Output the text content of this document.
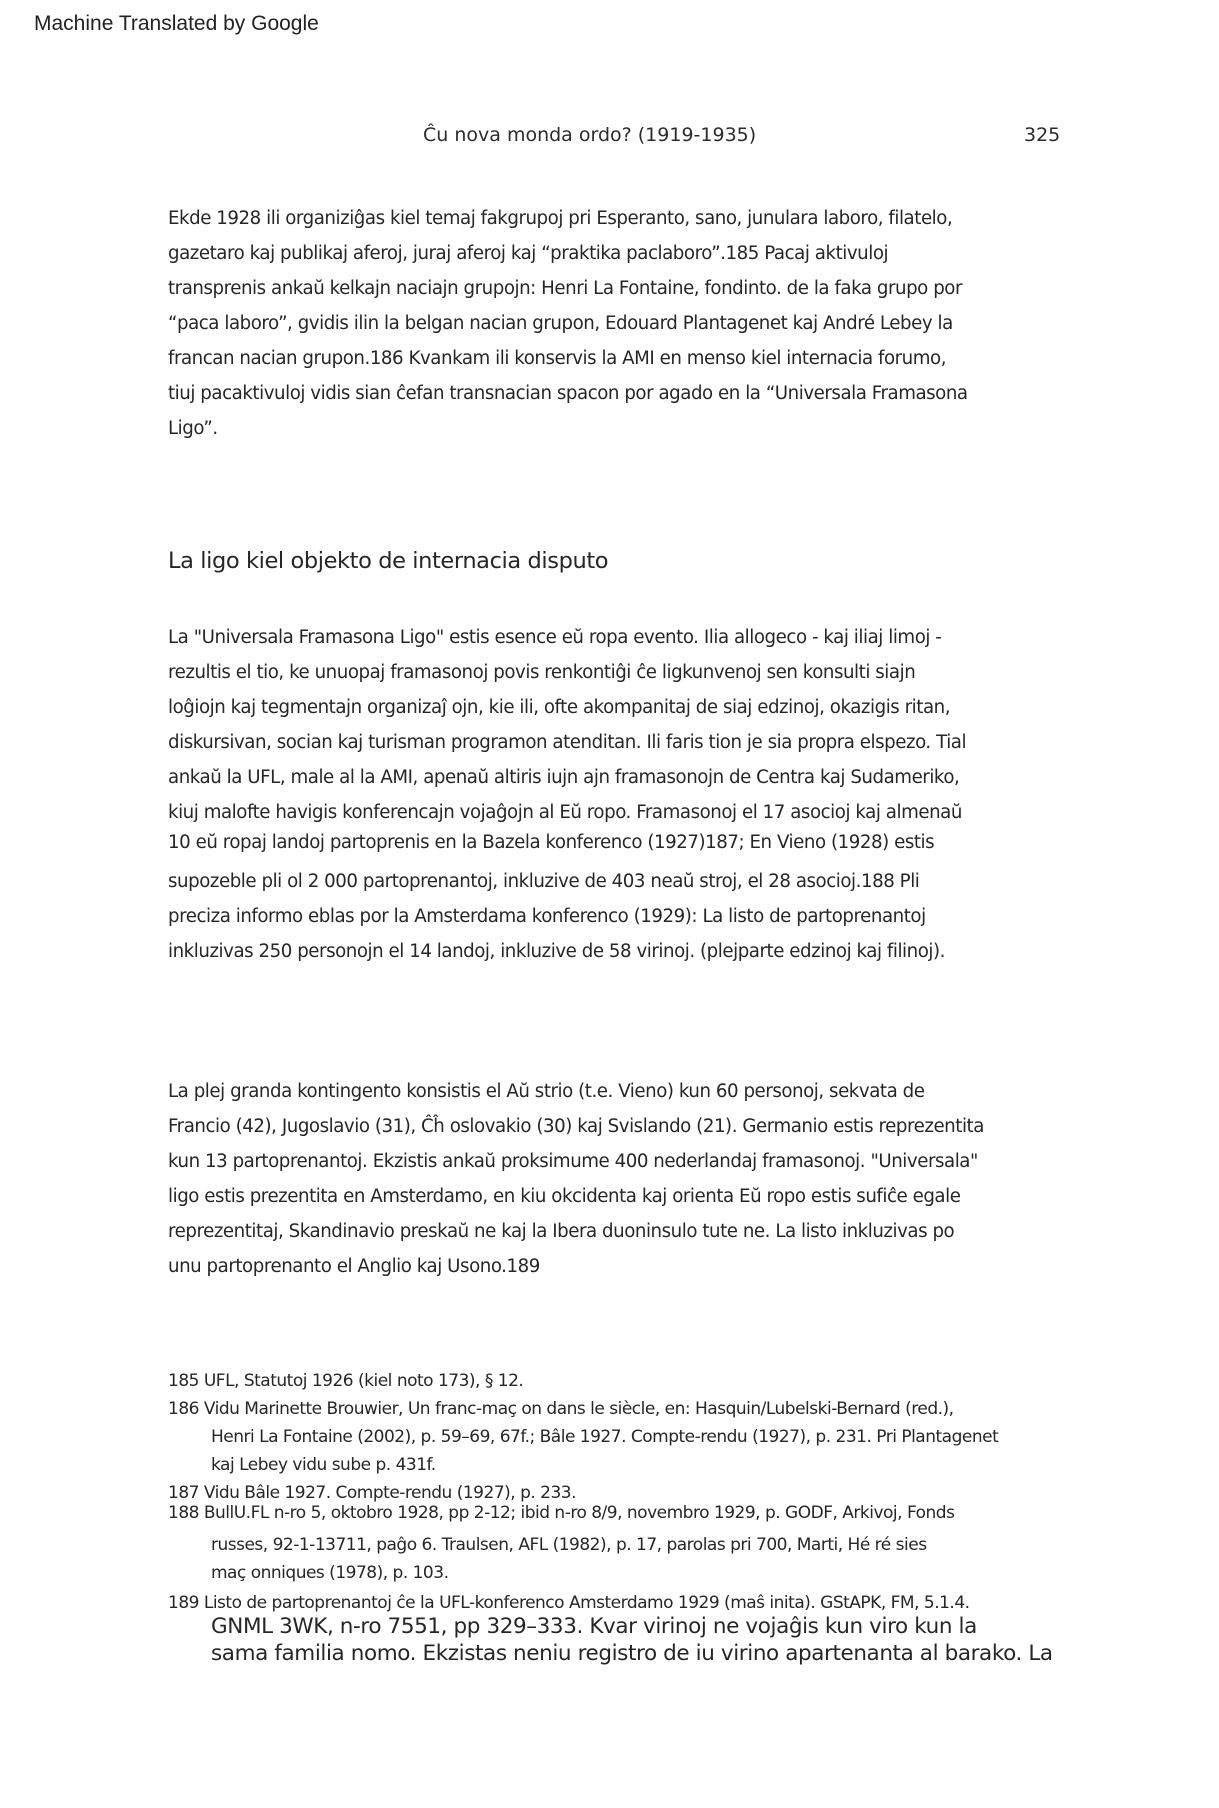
Machine Translated by Google
Ĉu nova monda ordo? (1919-1935)	325
Ekde 1928 ili organiziĝas kiel temaj fakgrupoj pri Esperanto, sano, junulara laboro, filatelo,
gazetaro kaj publikaj aferoj, juraj aferoj kaj “praktika paclaboro”.185 Pacaj aktivuloj
transprenis ankaŭ kelkajn naciajn grupojn: Henri La Fontaine, fondinto. de la faka grupo por
“paca laboro”, gvidis ilin la belgan nacian grupon, Edouard Plantagenet kaj André Lebey la
francan nacian grupon.186 Kvankam ili konservis la AMI en menso kiel internacia forumo,
tiuj pacaktivuloj vidis sian ĉefan transnacian spacon por agado en la “Universala Framasona
Ligo”.
La ligo kiel objekto de internacia disputo
La "Universala Framasona Ligo" estis esence eŭ ropa evento. Ilia allogeco - kaj iliaj limoj -
rezultis el tio, ke unuopaj framasonoj povis renkontiĝi ĉe ligkunvenoj sen konsulti siajn
loĝiojn kaj tegmentajn organizaĵ ojn, kie ili, ofte akompanitaj de siaj edzinoj, okazigis ritan,
diskursivan, socian kaj turisman programon atenditan. Ili faris tion je sia propra elspezo. Tial
ankaŭ la UFL, male al la AMI, apenaŭ altiris iujn ajn framasonojn de Centra kaj Sudameriko,
kiuj malofte havigis konferencajn vojaĝojn al Eŭ ropo. Framasonoj el 17 asocioj kaj almenaŭ
10 eŭ ropaj landoj partoprenis en la Bazela konferenco (1927)187; En Vieno (1928) estis
supozeble pli ol 2 000 partoprenantoj, inkluzive de 403 neaŭ stroj, el 28 asocioj.188 Pli
preciza informo eblas por la Amsterdama konferenco (1929): La listo de partoprenantoj
inkluzivas 250 personojn el 14 landoj, inkluzive de 58 virinoj. (plejparte edzinoj kaj filinoj).
La plej granda kontingento konsistis el Aŭ strio (t.e. Vieno) kun 60 personoj, sekvata de
Francio (42), Jugoslavio (31), Ĉĥ oslovakio (30) kaj Svislando (21). Germanio estis reprezentita
kun 13 partoprenantoj. Ekzistis ankaŭ proksimume 400 nederlandaj framasonoj. "Universala"
ligo estis prezentita en Amsterdamo, en kiu okcidenta kaj orienta Eŭ ropo estis sufiĉe egale
reprezentitaj, Skandinavio preskaŭ ne kaj la Ibera duoninsulo tute ne. La listo inkluzivas po
unu partoprenanto el Anglio kaj Usono.189
185 UFL, Statutoj 1926 (kiel noto 173), § 12.
186 Vidu Marinette Brouwier, Un franc-maç on dans le siècle, en: Hasquin/Lubelski-Bernard (red.),
Henri La Fontaine (2002), p. 59–69, 67f.; Bâle 1927. Compte-rendu (1927), p. 231. Pri Plantagenet
kaj Lebey vidu sube p. 431f.
187 Vidu Bâle 1927. Compte-rendu (1927), p. 233.
188 BullU.FL n-ro 5, oktobro 1928, pp 2-12; ibid n-ro 8/9, novembro 1929, p. GODF, Arkivoj, Fonds
russes, 92-1-13711, paĝo 6. Traulsen, AFL (1982), p. 17, parolas pri 700, Marti, Hé ré sies
maç onniques (1978), p. 103.
189 Listo de partoprenantoj ĉe la UFL-konferenco Amsterdamo 1929 (maŝ inita). GStAPK, FM, 5.1.4.
GNML 3WK, n-ro 7551, pp 329–333. Kvar virinoj ne vojaĝis kun viro kun la
sama familia nomo. Ekzistas neniu registro de iu virino apartenanta al barako. La
